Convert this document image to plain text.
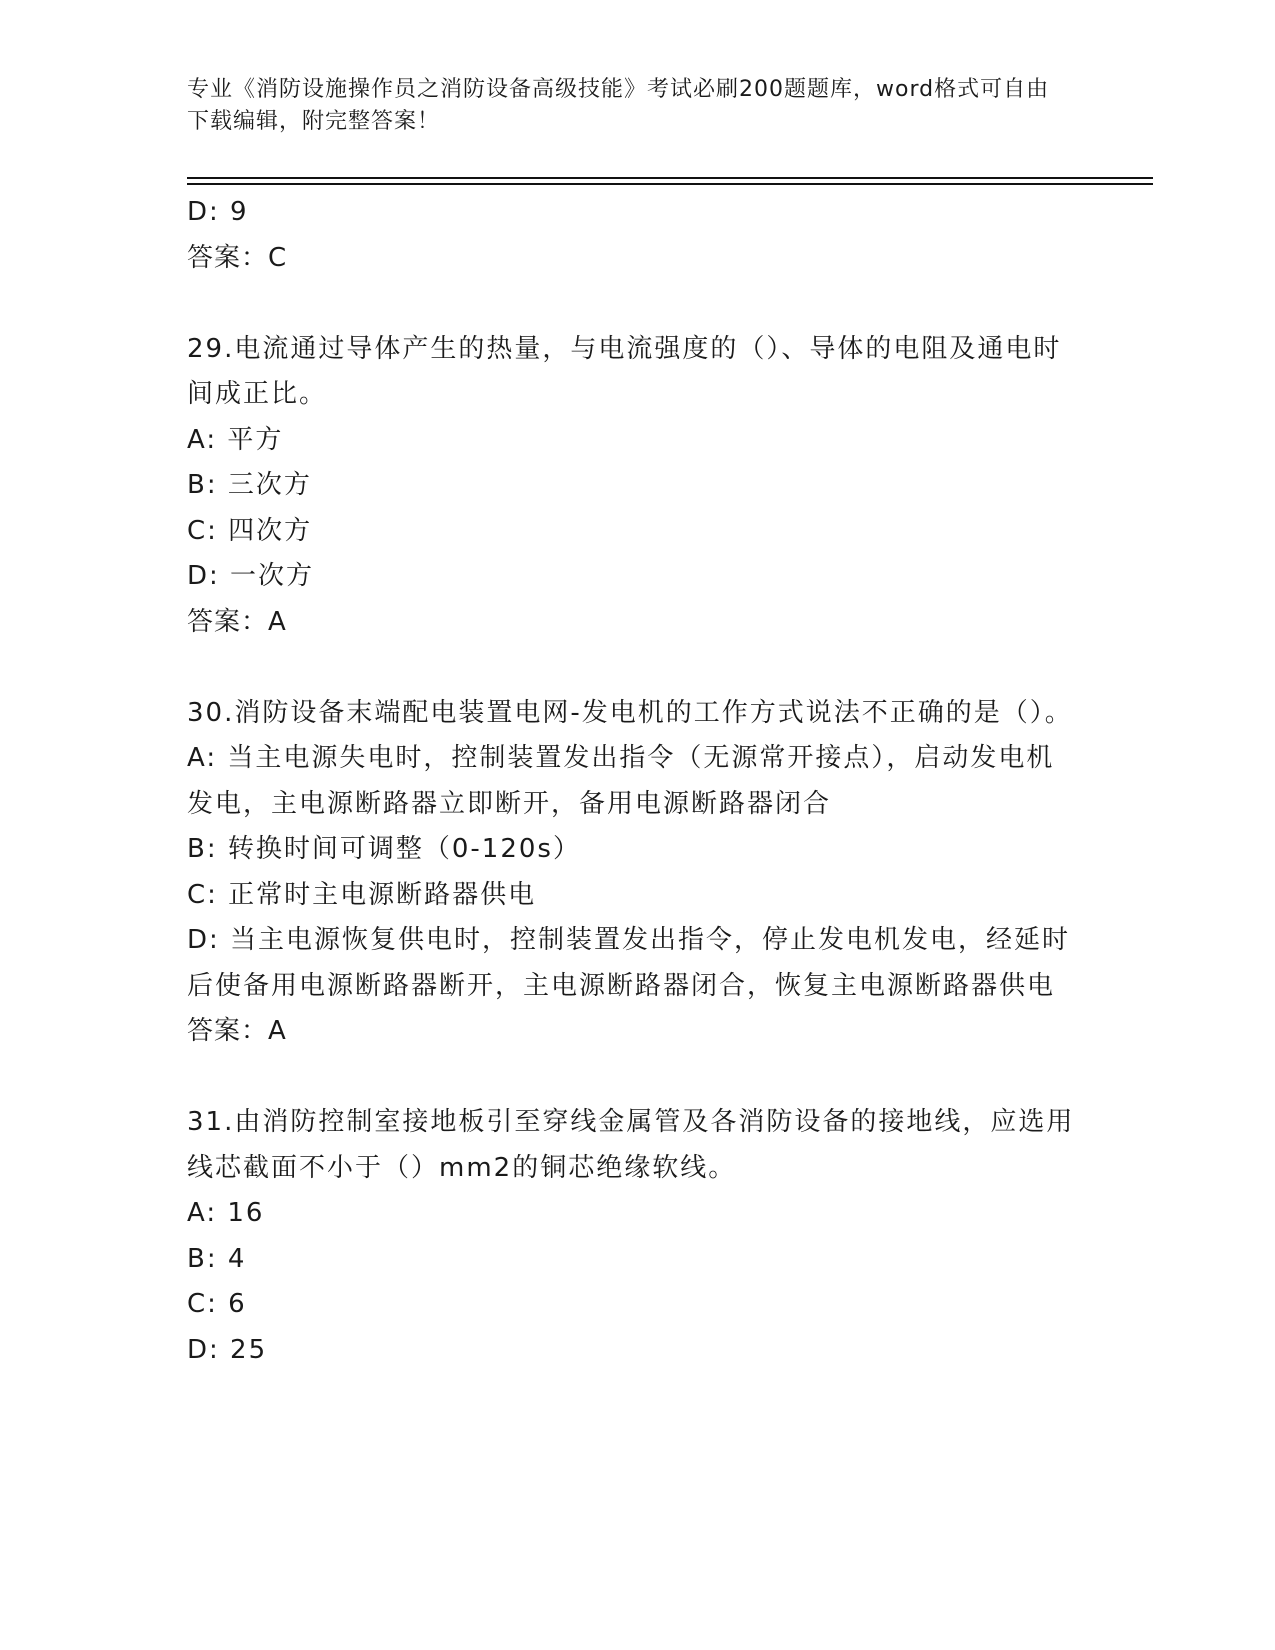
专业《消防设施操作员之消防设备高级技能》考试必刷200题题库，word格式可自由下载编辑，附完整答案！

D: 9

答案：C

29.电流通过导体产生的热量，与电流强度的（）、导体的电阻及通电时间成正比。

A: 平方

B: 三次方

C: 四次方

D: 一次方

答案：A

30.消防设备末端配电装置电网-发电机的工作方式说法不正确的是（）。

A: 当主电源失电时，控制装置发出指令（无源常开接点），启动发电机发电，主电源断路器立即断开，备用电源断路器闭合

B: 转换时间可调整（0-120s）

C: 正常时主电源断路器供电

D: 当主电源恢复供电时，控制装置发出指令，停止发电机发电，经延时后使备用电源断路器断开，主电源断路器闭合，恢复主电源断路器供电

答案：A

31.由消防控制室接地板引至穿线金属管及各消防设备的接地线，应选用线芯截面不小于（）mm2的铜芯绝缘软线。

A: 16

B: 4

C: 6

D: 25
